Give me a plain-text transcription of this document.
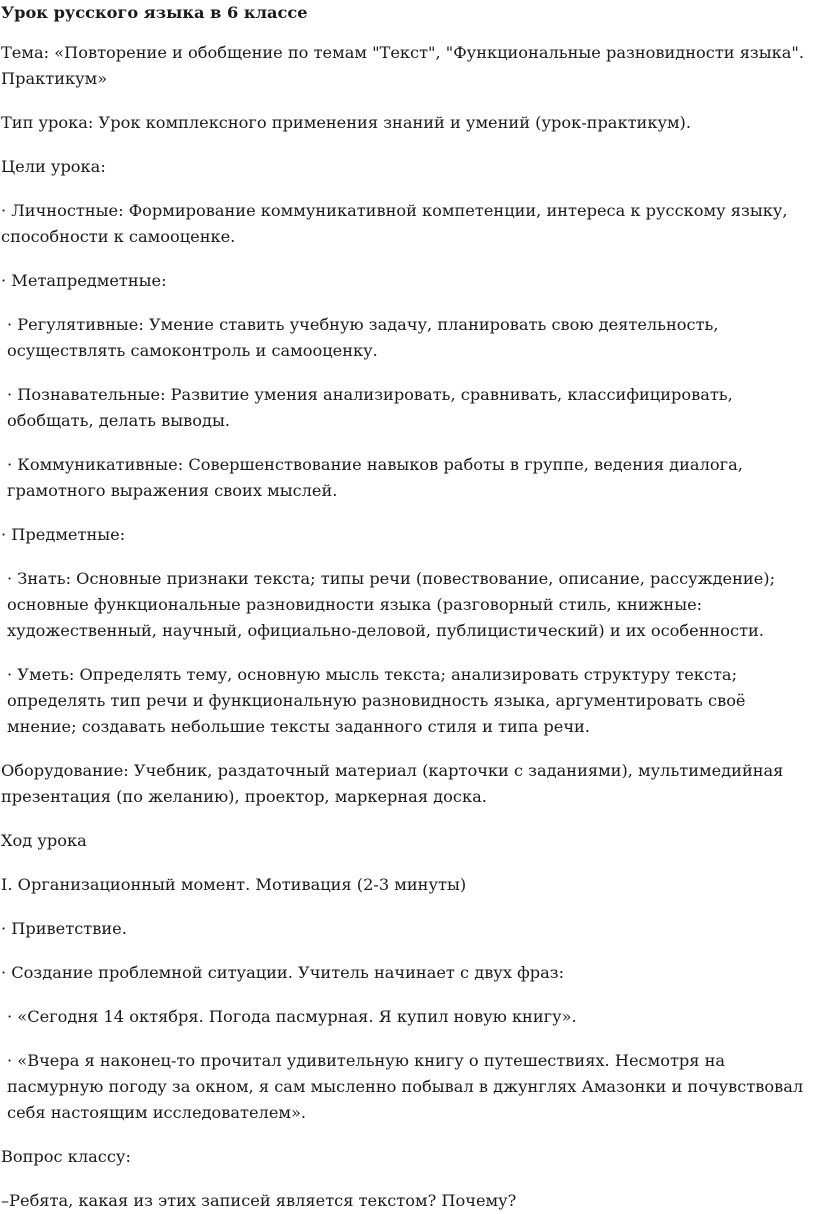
Урок русского языка в 6 классе

Тема: «Повторение и обобщение по темам "Текст", "Функциональные разновидности языка". Практикум»

Тип урока: Урок комплексного применения знаний и умений (урок-практикум).

Цели урока:

· Личностные: Формирование коммуникативной компетенции, интереса к русскому языку, способности к самооценке.

· Метапредметные:

· Регулятивные: Умение ставить учебную задачу, планировать свою деятельность, осуществлять самоконтроль и самооценку.

· Познавательные: Развитие умения анализировать, сравнивать, классифицировать, обобщать, делать выводы.

· Коммуникативные: Совершенствование навыков работы в группе, ведения диалога, грамотного выражения своих мыслей.

· Предметные:

· Знать: Основные признаки текста; типы речи (повествование, описание, рассуждение); основные функциональные разновидности языка (разговорный стиль, книжные: художественный, научный, официально-деловой, публицистический) и их особенности.

· Уметь: Определять тему, основную мысль текста; анализировать структуру текста; определять тип речи и функциональную разновидность языка, аргументировать своё мнение; создавать небольшие тексты заданного стиля и типа речи.

Оборудование: Учебник, раздаточный материал (карточки с заданиями), мультимедийная презентация (по желанию), проектор, маркерная доска.

Ход урока

I. Организационный момент. Мотивация (2-3 минуты)

· Приветствие.

· Создание проблемной ситуации. Учитель начинает с двух фраз:

· «Сегодня 14 октября. Погода пасмурная. Я купил новую книгу».

· «Вчера я наконец-то прочитал удивительную книгу о путешествиях. Несмотря на пасмурную погоду за окном, я сам мысленно побывал в джунглях Амазонки и почувствовал себя настоящим исследователем».

Вопрос классу:

–Ребята, какая из этих записей является текстом? Почему?
